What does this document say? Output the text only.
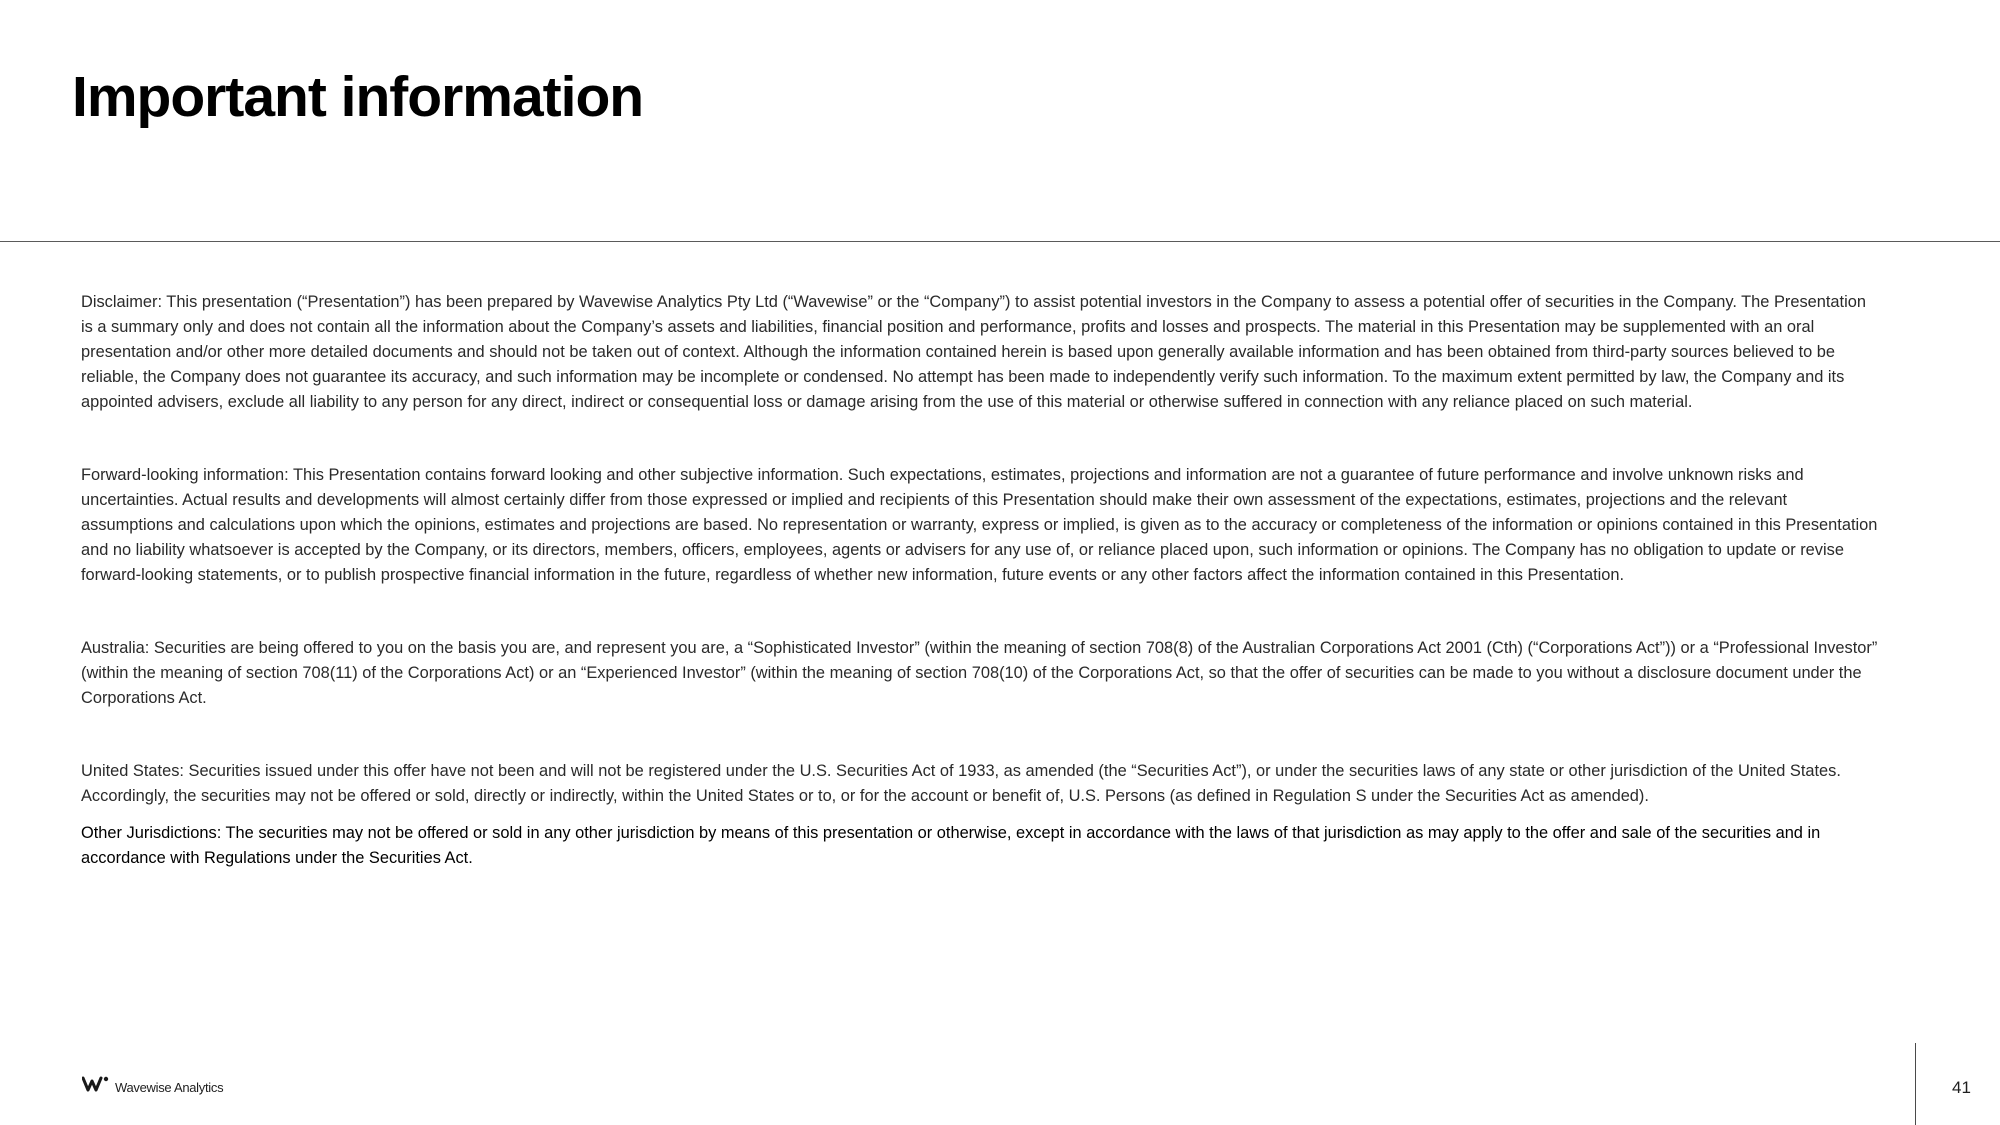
Important information

Disclaimer: This presentation (“Presentation”) has been prepared by Wavewise Analytics Pty Ltd (“Wavewise” or the “Company”) to assist potential investors in the Company to assess a potential offer of securities in the Company. The Presentation is a summary only and does not contain all the information about the Company’s assets and liabilities, financial position and performance, profits and losses and prospects. The material in this Presentation may be supplemented with an oral presentation and/or other more detailed documents and should not be taken out of context. Although the information contained herein is based upon generally available information and has been obtained from third-party sources believed to be reliable, the Company does not guarantee its accuracy, and such information may be incomplete or condensed. No attempt has been made to independently verify such information. To the maximum extent permitted by law, the Company and its appointed advisers, exclude all liability to any person for any direct, indirect or consequential loss or damage arising from the use of this material or otherwise suffered in connection with any reliance placed on such material.

Forward-looking information: This Presentation contains forward looking and other subjective information. Such expectations, estimates, projections and information are not a guarantee of future performance and involve unknown risks and uncertainties. Actual results and developments will almost certainly differ from those expressed or implied and recipients of this Presentation should make their own assessment of the expectations, estimates, projections and the relevant assumptions and calculations upon which the opinions, estimates and projections are based. No representation or warranty, express or implied, is given as to the accuracy or completeness of the information or opinions contained in this Presentation and no liability whatsoever is accepted by the Company, or its directors, members, officers, employees, agents or advisers for any use of, or reliance placed upon, such information or opinions. The Company has no obligation to update or revise forward-looking statements, or to publish prospective financial information in the future, regardless of whether new information, future events or any other factors affect the information contained in this Presentation.

Australia: Securities are being offered to you on the basis you are, and represent you are, a “Sophisticated Investor” (within the meaning of section 708(8) of the Australian Corporations Act 2001 (Cth) (“Corporations Act”)) or a “Professional Investor” (within the meaning of section 708(11) of the Corporations Act) or an “Experienced Investor” (within the meaning of section 708(10) of the Corporations Act, so that the offer of securities can be made to you without a disclosure document under the Corporations Act.

United States: Securities issued under this offer have not been and will not be registered under the U.S. Securities Act of 1933, as amended (the “Securities Act”), or under the securities laws of any state or other jurisdiction of the United States. Accordingly, the securities may not be offered or sold, directly or indirectly, within the United States or to, or for the account or benefit of, U.S. Persons (as defined in Regulation S under the Securities Act as amended).

Other Jurisdictions: The securities may not be offered or sold in any other jurisdiction by means of this presentation or otherwise, except in accordance with the laws of that jurisdiction as may apply to the offer and sale of the securities and in accordance with Regulations under the Securities Act.

Wavewise Analytics	41
